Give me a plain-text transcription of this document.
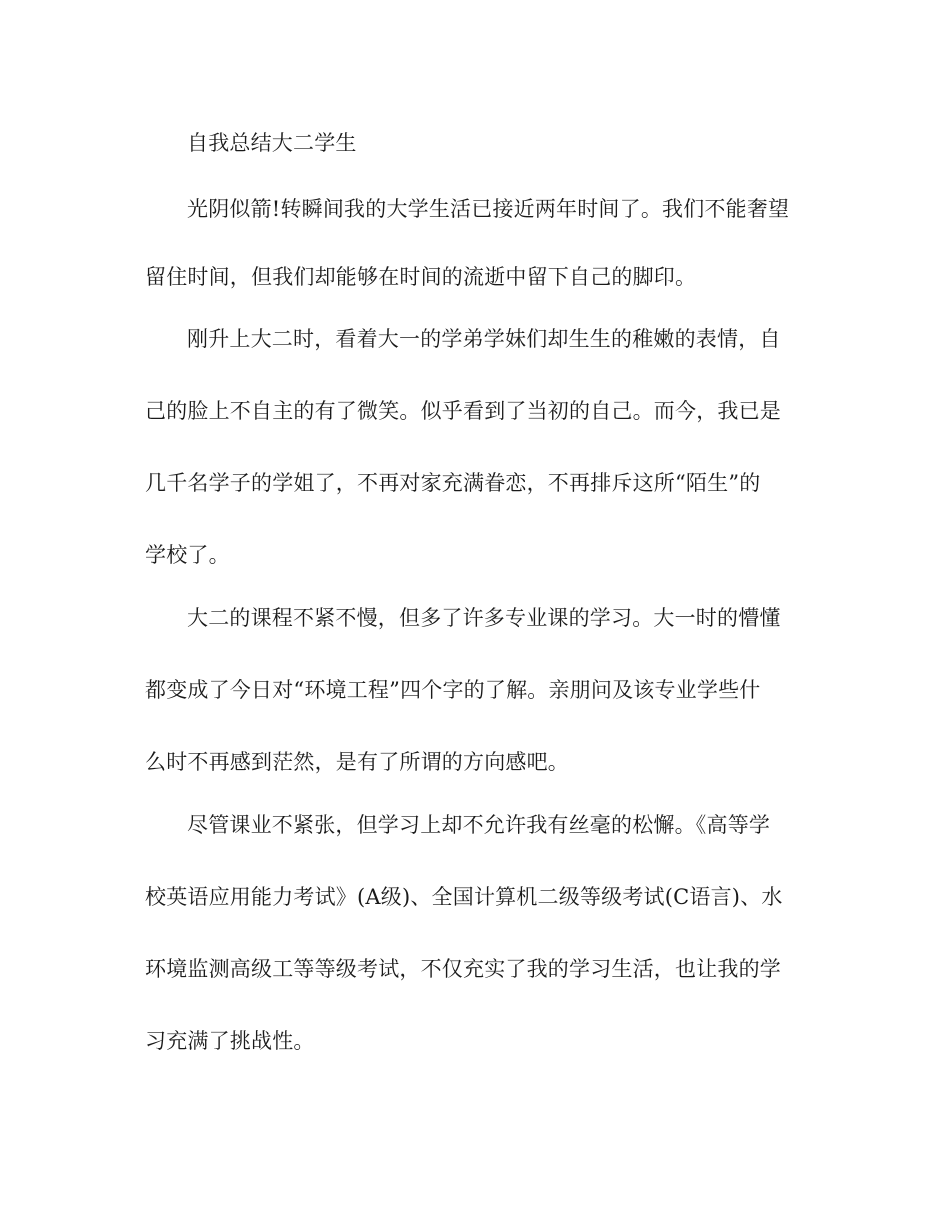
自我总结大二学生
光阴似箭!转瞬间我的大学生活已接近两年时间了。我们不能奢望
留住时间，但我们却能够在时间的流逝中留下自己的脚印。
刚升上大二时，看着大一的学弟学妹们却生生的稚嫩的表情，自
己的脸上不自主的有了微笑。似乎看到了当初的自己。而今，我已是
几千名学子的学姐了，不再对家充满眷恋，不再排斥这所“陌生”的
学校了。
大二的课程不紧不慢，但多了许多专业课的学习。大一时的懵懂
都变成了今日对“环境工程”四个字的了解。亲朋问及该专业学些什
么时不再感到茫然，是有了所谓的方向感吧。
尽管课业不紧张，但学习上却不允许我有丝毫的松懈。《高等学
校英语应用能力考试》(A级)、全国计算机二级等级考试(C语言)、水
环境监测高级工等等级考试，不仅充实了我的学习生活，也让我的学
习充满了挑战性。
